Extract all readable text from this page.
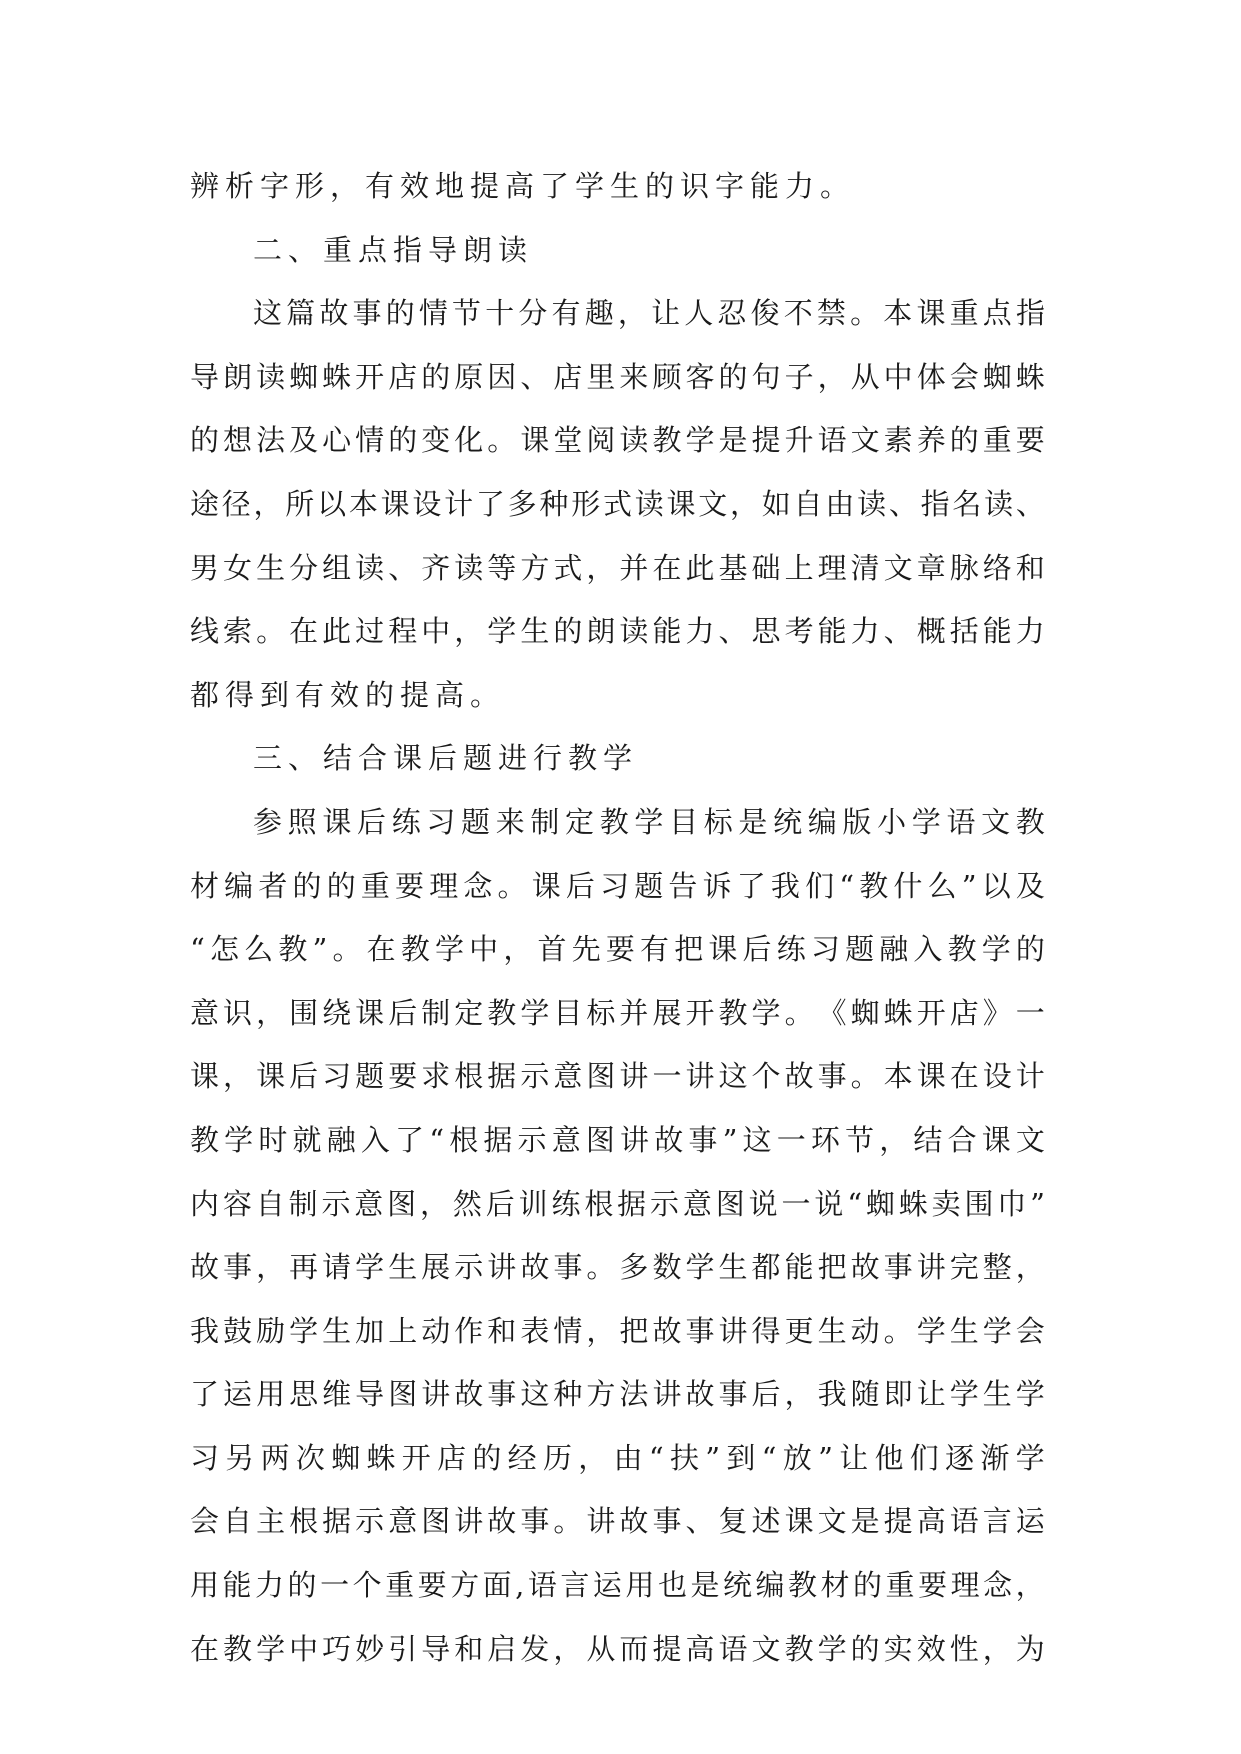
辨析字形，有效地提高了学生的识字能力。
二、重点指导朗读
这 篇 故 事 的 情 节 十 分 有 趣 ， 让 人 忍 俊 不 禁 。 本 课 重 点 指
导 朗 读 蜘 蛛 开 店 的 原 因 、 店 里 来 顾 客 的 句 子 ， 从 中 体 会 蜘 蛛
的 想 法 及 心 情 的 变 化 。 课 堂 阅 读 教 学 是 提 升 语 文 素 养 的 重 要
途 径 ， 所 以 本 课 设 计 了 多 种 形 式 读 课 文 ， 如 自 由 读 、 指 名 读 、
男 女 生 分 组 读 、 齐 读 等 方 式 ， 并 在 此 基 础 上 理 清 文 章 脉 络 和
线 索 。 在 此 过 程 中 ， 学 生 的 朗 读 能 力 、 思 考 能 力 、 概 括 能 力
都得到有效的提高。
三、结合课后题进行教学
参 照 课 后 练 习 题 来 制 定 教 学 目 标 是 统 编 版 小 学 语 文 教
材 编 者 的 的 重 要 理 念 。 课 后 习 题 告 诉 了 我 们 “ 教 什 么 ” 以 及
“ 怎 么 教 ” 。 在 教 学 中 ， 首 先 要 有 把 课 后 练 习 题 融 入 教 学 的
意 识 ， 围 绕 课 后 制 定 教 学 目 标 并 展 开 教 学 。 《 蜘 蛛 开 店 》 一
课 ， 课 后 习 题 要 求 根 据 示 意 图 讲 一 讲 这 个 故 事 。 本 课 在 设 计
教 学 时 就 融 入 了 “ 根 据 示 意 图 讲 故 事 ” 这 一 环 节 ， 结 合 课 文
内 容 自 制 示 意 图 ， 然 后 训 练 根 据 示 意 图 说 一 说 “ 蜘 蛛 卖 围 巾 ”
故 事 ， 再 请 学 生 展 示 讲 故 事 。 多 数 学 生 都 能 把 故 事 讲 完 整 ，
我 鼓 励 学 生 加 上 动 作 和 表 情 ， 把 故 事 讲 得 更 生 动 。 学 生 学 会
了 运 用 思 维 导 图 讲 故 事 这 种 方 法 讲 故 事 后 ， 我 随 即 让 学 生 学
习 另 两 次 蜘 蛛 开 店 的 经 历 ， 由 “ 扶 ” 到 “ 放 ” 让 他 们 逐 渐 学
会 自 主 根 据 示 意 图 讲 故 事 。 讲 故 事 、 复 述 课 文 是 提 高 语 言 运
用 能 力 的 一 个 重 要 方 面 , 语 言 运 用 也 是 统 编 教 材 的 重 要 理 念 ，
在 教 学 中 巧 妙 引 导 和 启 发 ， 从 而 提 高 语 文 教 学 的 实 效 性 ， 为
